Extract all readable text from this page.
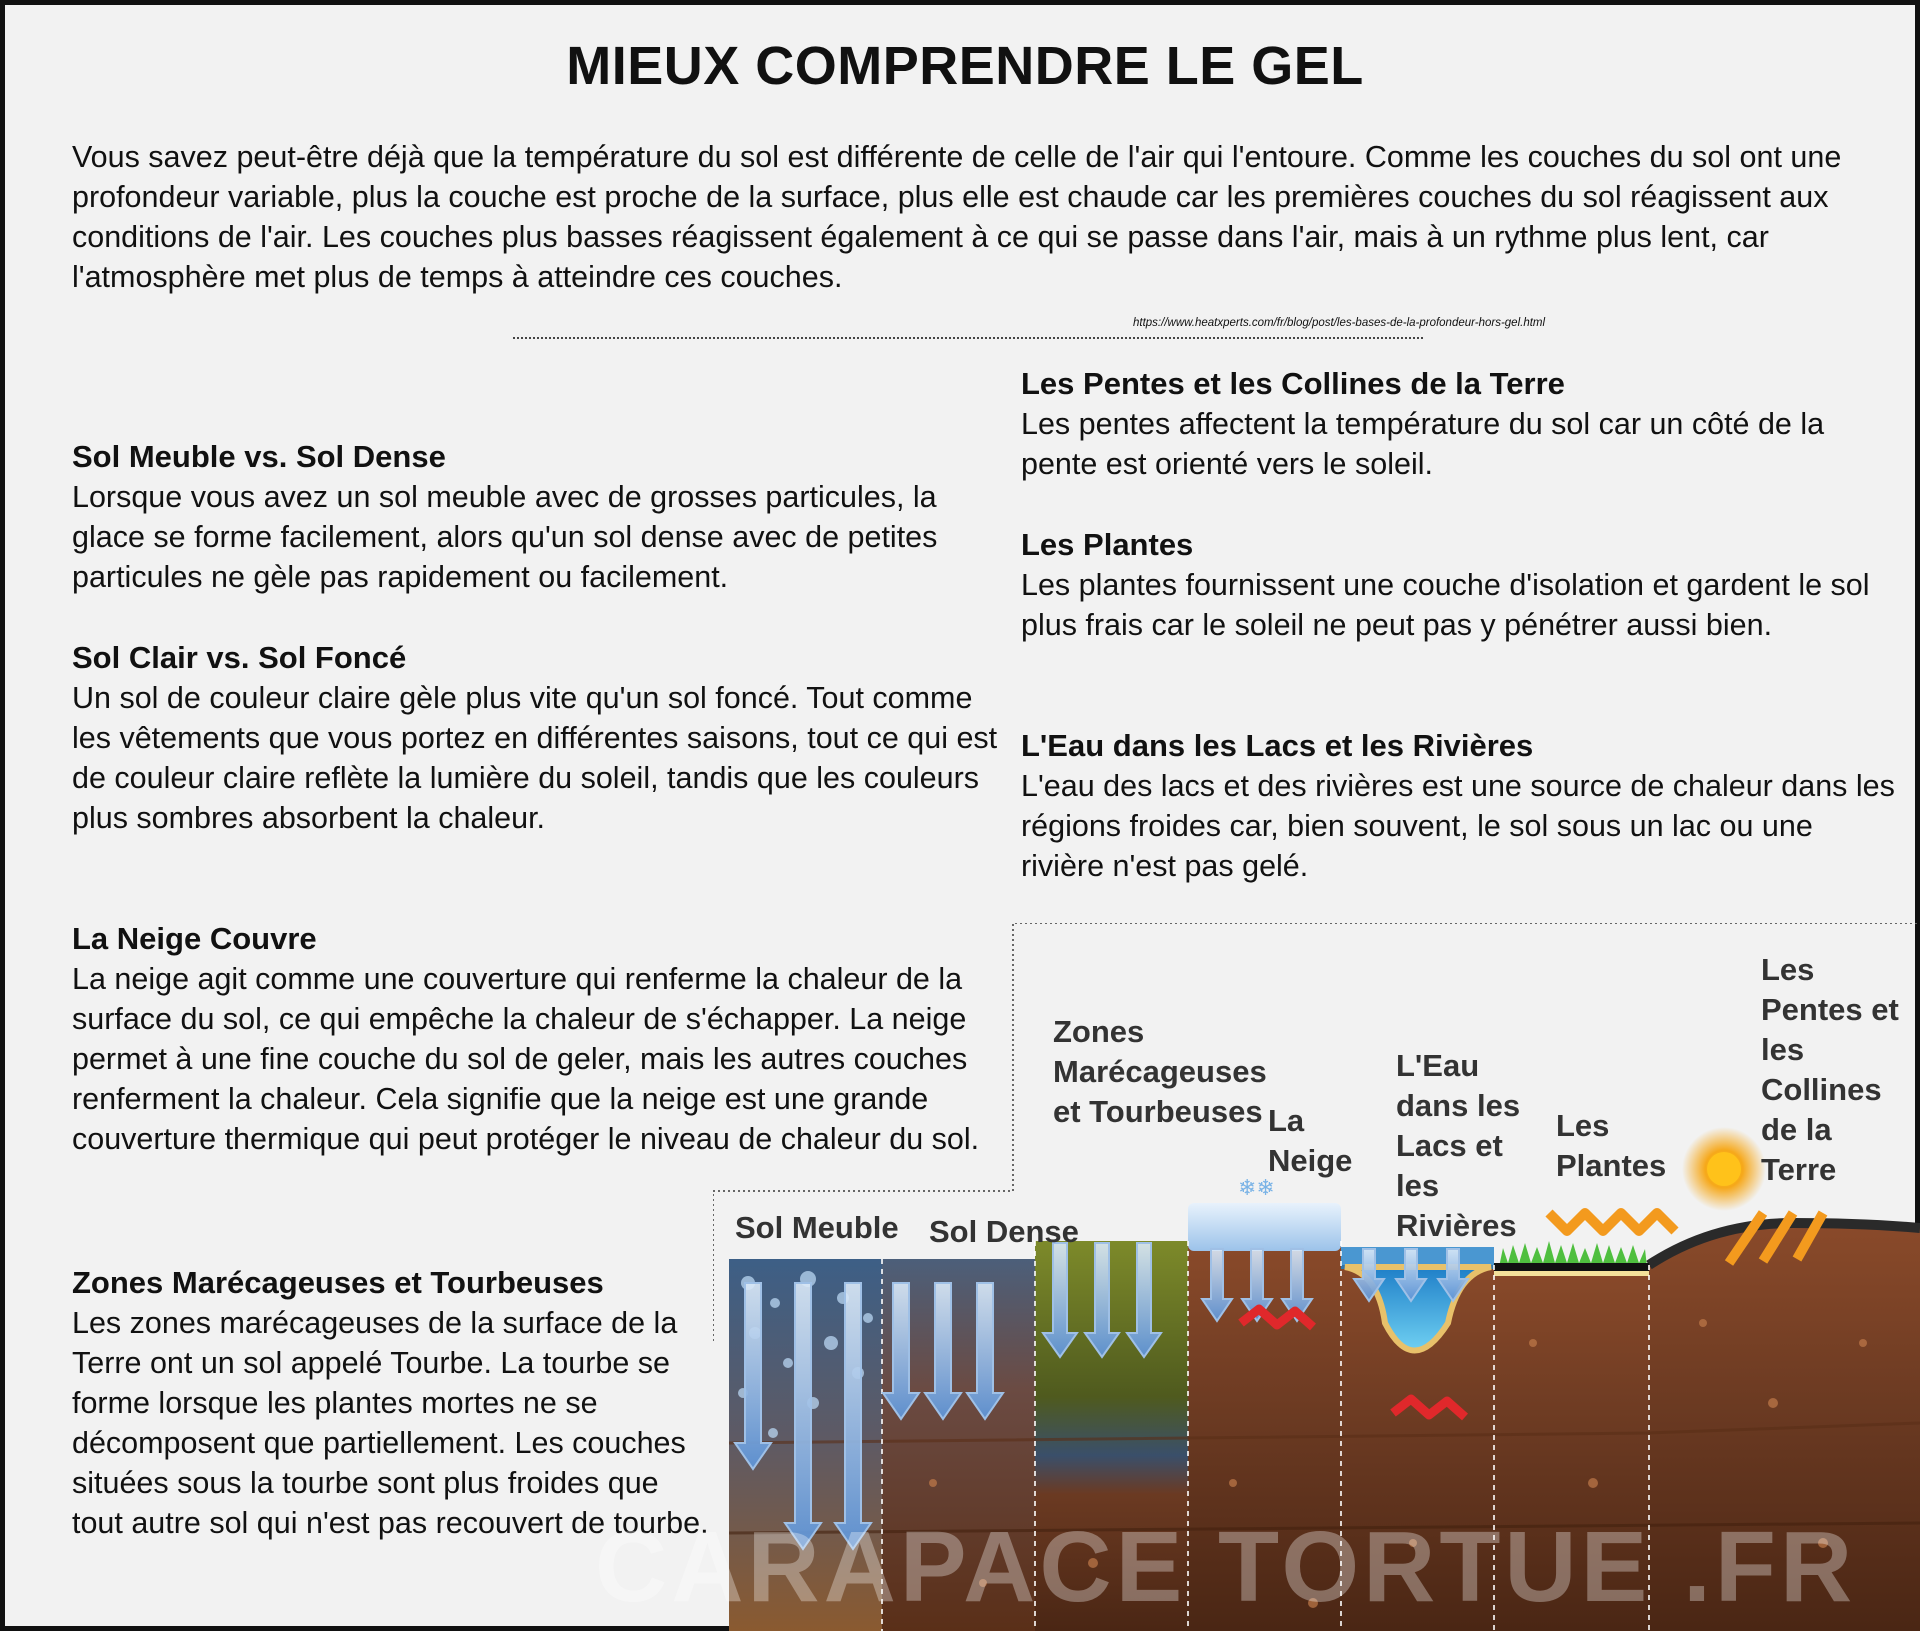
MIEUX COMPRENDRE LE GEL

Vous savez peut-être déjà que la température du sol est différente de celle de l'air qui l'entoure. Comme les couches du sol ont une profondeur variable, plus la couche est proche de la surface, plus elle est chaude car les premières couches du sol réagissent aux conditions de l'air. Les couches plus basses réagissent également à ce qui se passe dans l'air, mais à un rythme plus lent, car l'atmosphère met plus de temps à atteindre ces couches.

https://www.heatxperts.com/fr/blog/post/les-bases-de-la-profondeur-hors-gel.html
Sol Meuble vs. Sol Dense

Lorsque vous avez un sol meuble avec de grosses particules, la glace se forme facilement, alors qu'un sol dense avec de petites particules ne gèle pas rapidement ou facilement.

Sol Clair vs. Sol Foncé

Un sol de couleur claire gèle plus vite qu'un sol foncé. Tout comme les vêtements que vous portez en différentes saisons, tout ce qui est de couleur claire reflète la lumière du soleil, tandis que les couleurs plus sombres absorbent la chaleur.

La Neige Couvre

La neige agit comme une couverture qui renferme la chaleur de la surface du sol, ce qui empêche la chaleur de s'échapper. La neige permet à une fine couche du sol de geler, mais les autres couches renferment la chaleur. Cela signifie que la neige est une grande couverture thermique qui peut protéger le niveau de chaleur du sol.

Zones Marécageuses et Tourbeuses

Les zones marécageuses de la surface de la Terre ont un sol appelé Tourbe. La tourbe se forme lorsque les plantes mortes ne se décomposent que partiellement. Les couches situées sous la tourbe sont plus froides que tout autre sol qui n'est pas recouvert de tourbe.

Les Pentes et les Collines de la Terre

Les pentes affectent la température du sol car un côté de la pente est orienté vers le soleil.

Les Plantes

Les plantes fournissent une couche d'isolation et gardent le sol plus frais car le soleil ne peut pas y pénétrer aussi bien.

L'Eau dans les Lacs et les Rivières

L'eau des lacs et des rivières est une source de chaleur dans les régions froides car, bien souvent, le sol sous un lac ou une rivière n'est pas gelé.

❄❄
Sol Meuble Sol Dense
Zones Marécageuses et Tourbeuses La Neige
L'Eau dans les Lacs et les Rivières
Les Plantes
Les Pentes et les Collines de la Terre
CARAPACE TORTUE .FR
